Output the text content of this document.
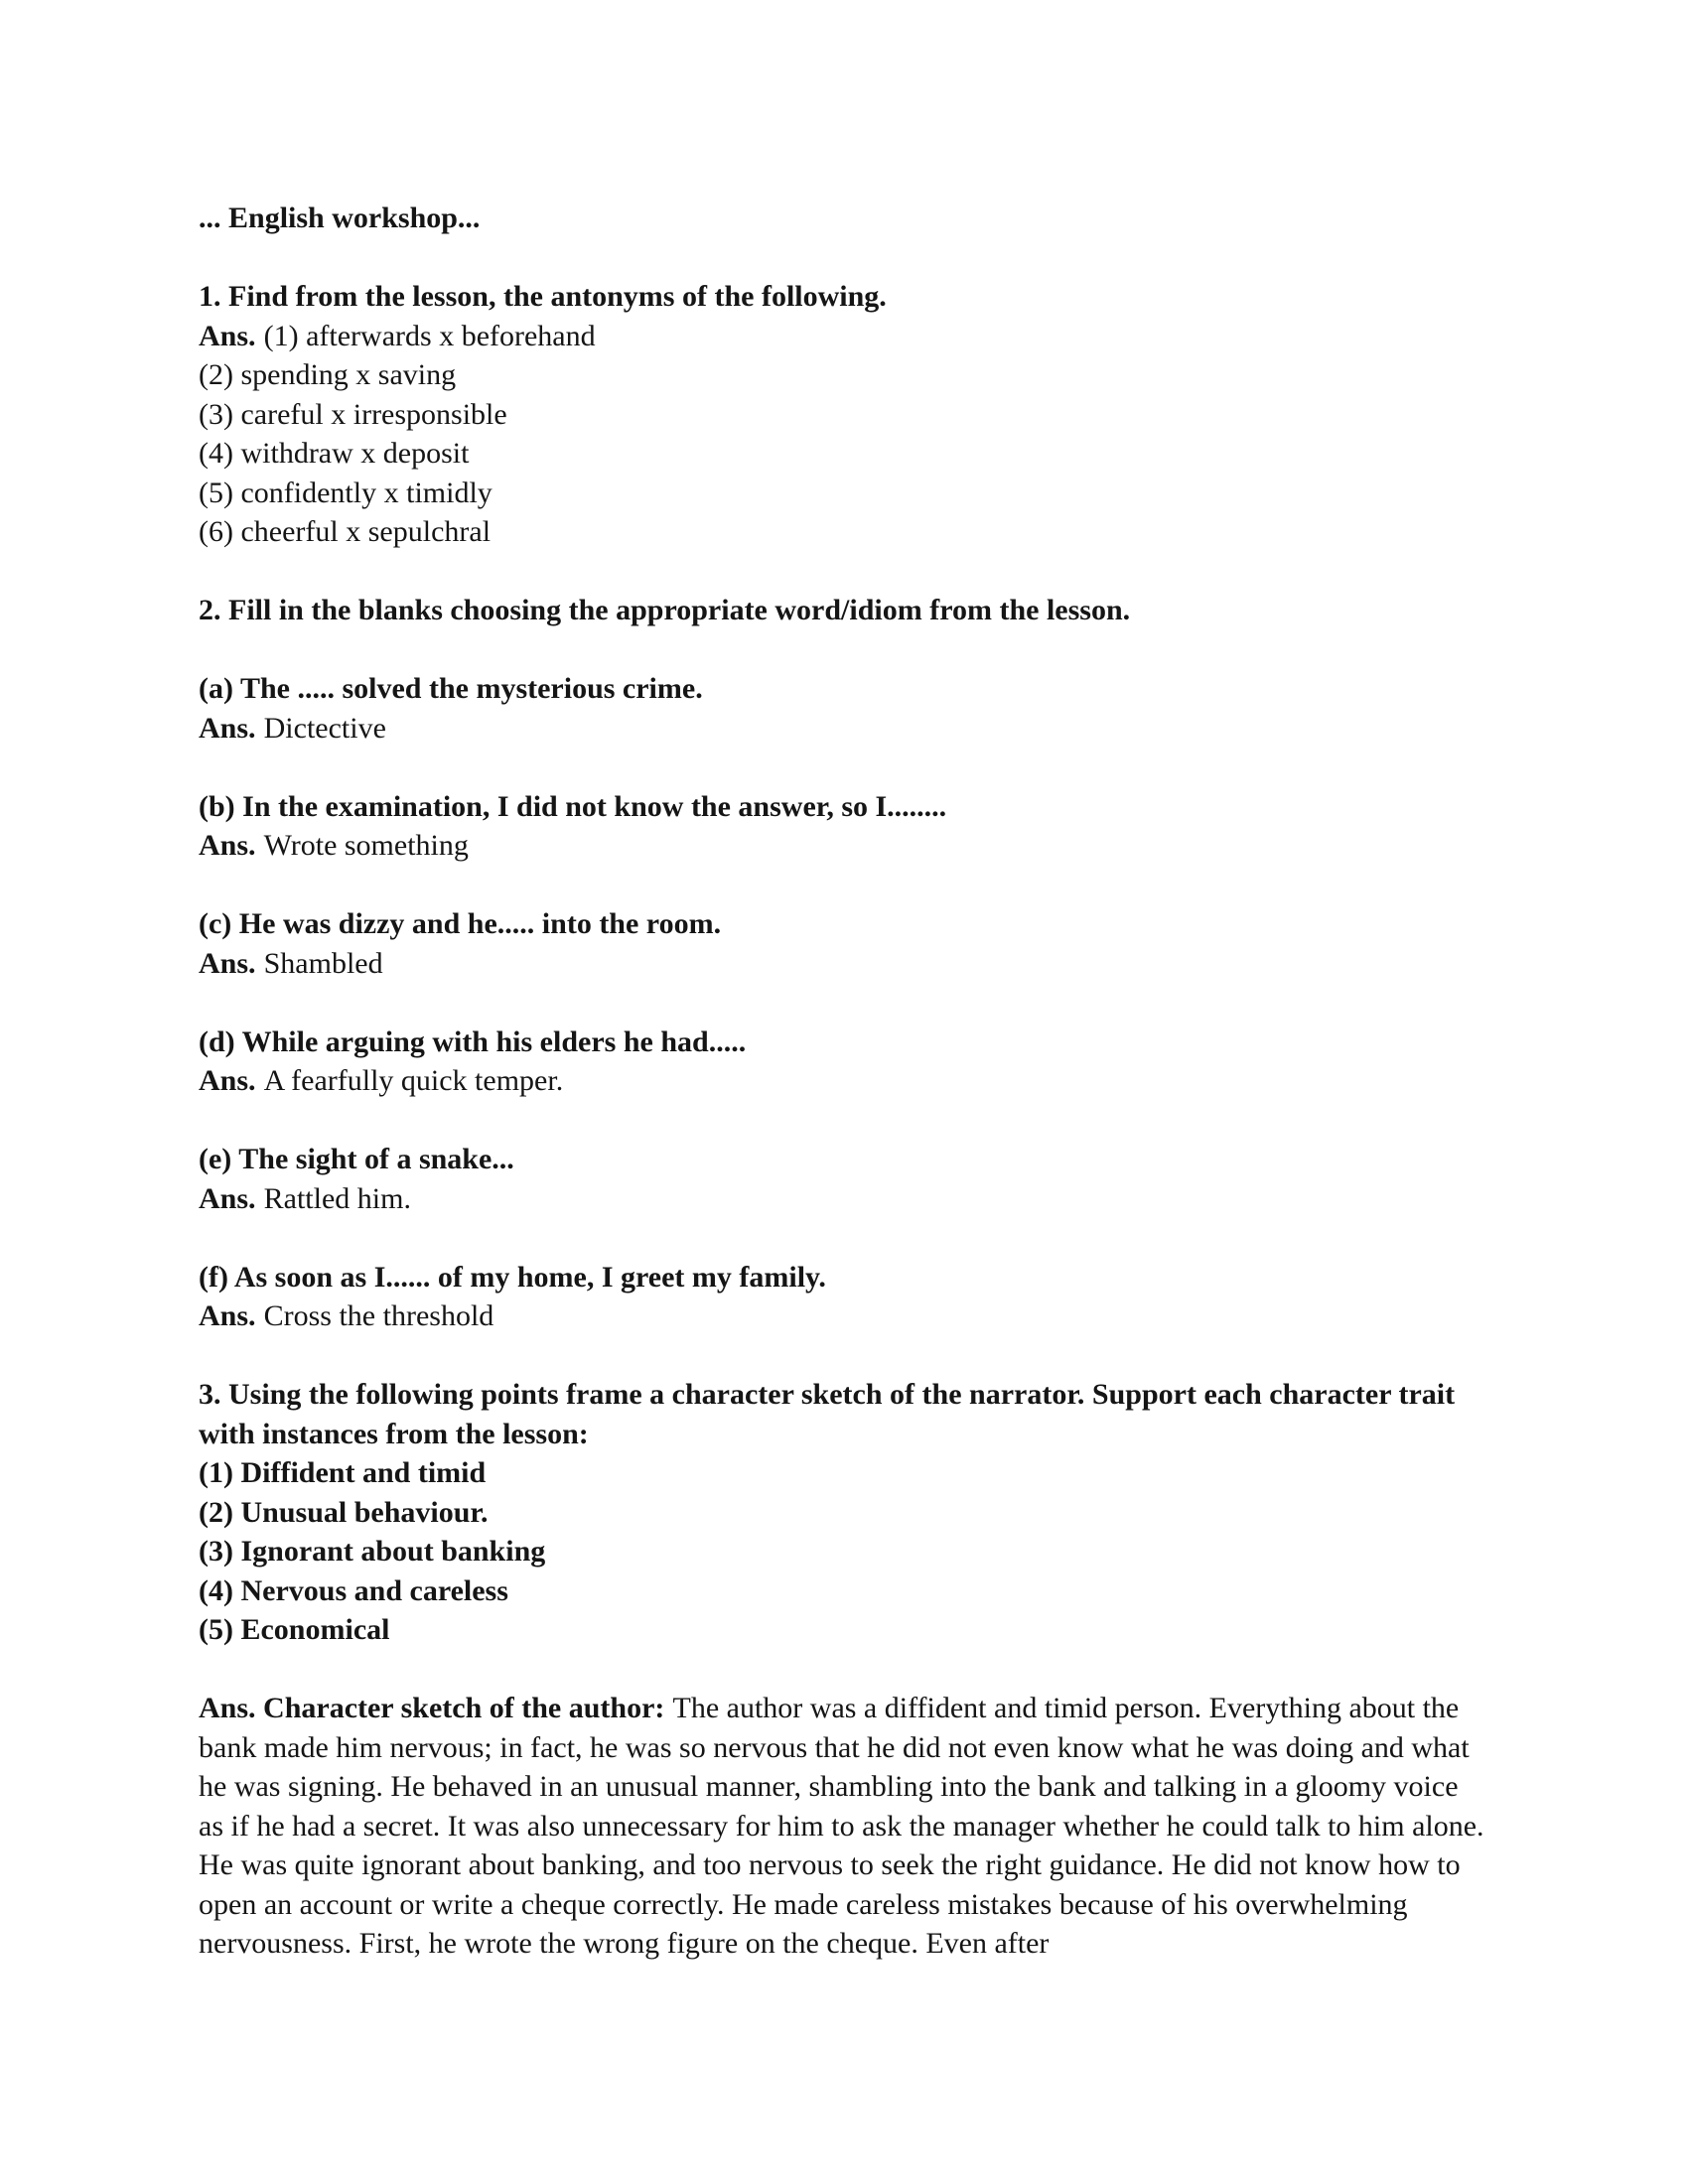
... English workshop...

1. Find from the lesson, the antonyms of the following.

Ans. (1) afterwards x beforehand

(2) spending x saving

(3) careful x irresponsible

(4) withdraw x deposit

(5) confidently x timidly

(6) cheerful x sepulchral

2. Fill in the blanks choosing the appropriate word/idiom from the lesson.

(a) The ..... solved the mysterious crime.

Ans. Dictective

(b) In the examination, I did not know the answer, so I........

Ans. Wrote something

(c) He was dizzy and he..... into the room.

Ans. Shambled

(d) While arguing with his elders he had.....

Ans. A fearfully quick temper.

(e) The sight of a snake...

Ans. Rattled him.

(f) As soon as I...... of my home, I greet my family.

Ans. Cross the threshold

3. Using the following points frame a character sketch of the narrator. Support each character trait with instances from the lesson:

(1) Diffident and timid

(2) Unusual behaviour.

(3) Ignorant about banking

(4) Nervous and careless

(5) Economical

Ans. Character sketch of the author: The author was a diffident and timid person. Everything about the bank made him nervous; in fact, he was so nervous that he did not even know what he was doing and what he was signing. He behaved in an unusual manner, shambling into the bank and talking in a gloomy voice as if he had a secret. It was also unnecessary for him to ask the manager whether he could talk to him alone. He was quite ignorant about banking, and too nervous to seek the right guidance. He did not know how to open an account or write a cheque correctly. He made careless mistakes because of his overwhelming nervousness. First, he wrote the wrong figure on the cheque. Even after
